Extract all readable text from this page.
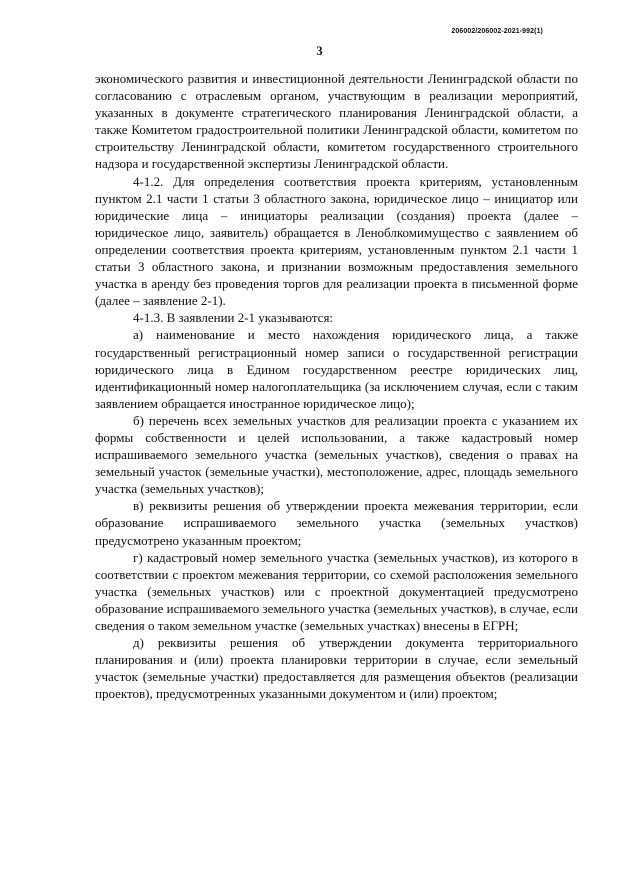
206002/206002-2021-992(1)
3

экономического развития и инвестиционной деятельности Ленинградской области по согласованию с отраслевым органом, участвующим в реализации мероприятий, указанных в документе стратегического планирования Ленинградской области, а также Комитетом градостроительной политики Ленинградской области, комитетом по строительству Ленинградской области, комитетом государственного строительного надзора и государственной экспертизы Ленинградской области.

4-1.2. Для определения соответствия проекта критериям, установленным пунктом 2.1 части 1 статьи 3 областного закона, юридическое лицо – инициатор или юридические лица – инициаторы реализации (создания) проекта (далее – юридическое лицо, заявитель) обращается в Леноблкомимущество с заявлением об определении соответствия проекта критериям, установленным пунктом 2.1 части 1 статьи 3 областного закона, и признании возможным предоставления земельного участка в аренду без проведения торгов для реализации проекта в письменной форме (далее – заявление 2-1).

4-1.3. В заявлении 2-1 указываются:

а) наименование и место нахождения юридического лица, а также государственный регистрационный номер записи о государственной регистрации юридического лица в Едином государственном реестре юридических лиц, идентификационный номер налогоплательщика (за исключением случая, если с таким заявлением обращается иностранное юридическое лицо);

б) перечень всех земельных участков для реализации проекта с указанием их формы собственности и целей использовании, а также кадастровый номер испрашиваемого земельного участка (земельных участков), сведения о правах на земельный участок (земельные участки), местоположение, адрес, площадь земельного участка (земельных участков);

в) реквизиты решения об утверждении проекта межевания территории, если образование испрашиваемого земельного участка (земельных участков) предусмотрено указанным проектом;

г) кадастровый номер земельного участка (земельных участков), из которого в соответствии с проектом межевания территории, со схемой расположения земельного участка (земельных участков) или с проектной документацией предусмотрено образование испрашиваемого земельного участка (земельных участков), в случае, если сведения о таком земельном участке (земельных участках) внесены в ЕГРН;

д) реквизиты решения об утверждении документа территориального планирования и (или) проекта планировки территории в случае, если земельный участок (земельные участки) предоставляется для размещения объектов (реализации проектов), предусмотренных указанными документом и (или) проектом;
